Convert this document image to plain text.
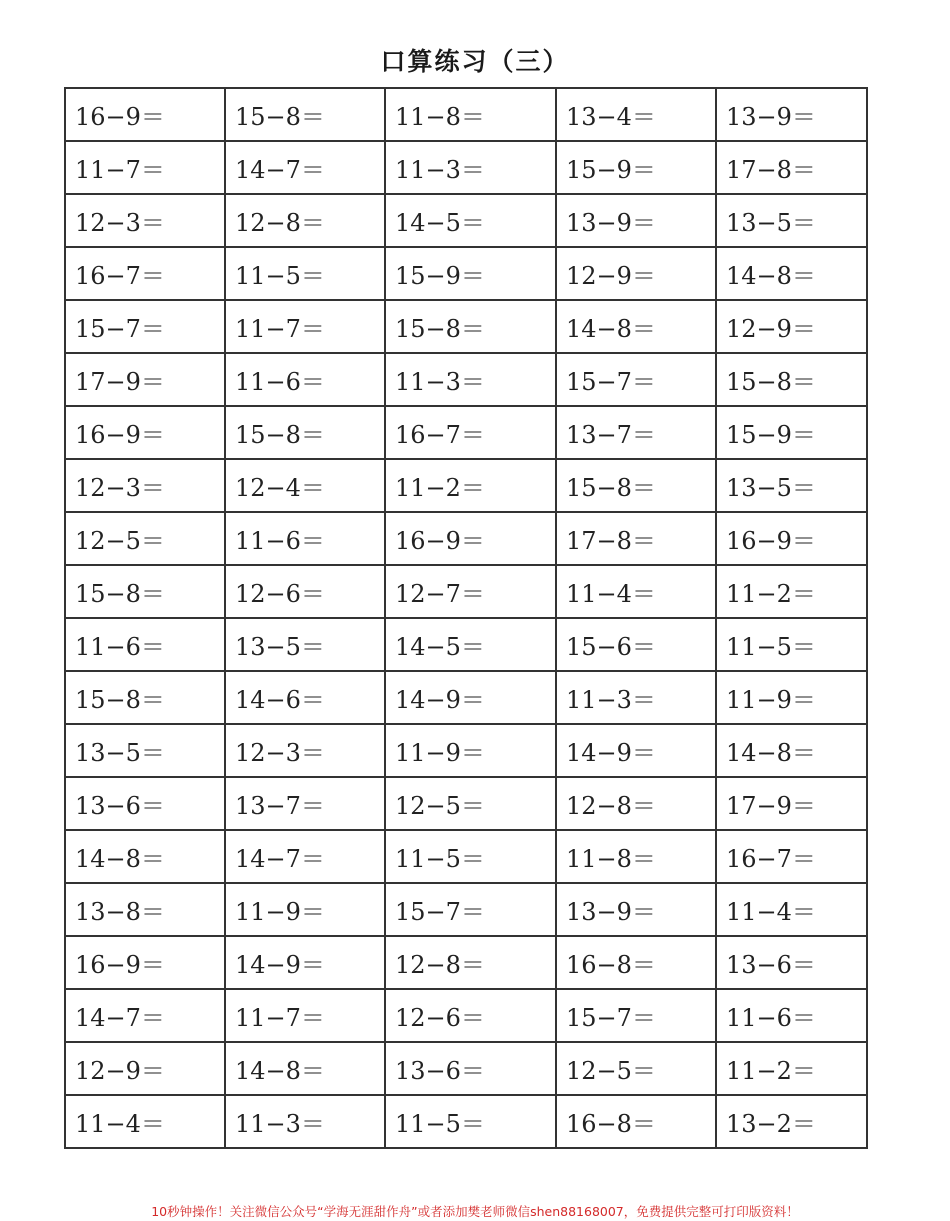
口算练习（三）
16−9＝	15−8＝	11−8＝	13−4＝	13−9＝
11−7＝	14−7＝	11−3＝	15−9＝	17−8＝
12−3＝	12−8＝	14−5＝	13−9＝	13−5＝
16−7＝	11−5＝	15−9＝	12−9＝	14−8＝
15−7＝	11−7＝	15−8＝	14−8＝	12−9＝
17−9＝	11−6＝	11−3＝	15−7＝	15−8＝
16−9＝	15−8＝	16−7＝	13−7＝	15−9＝
12−3＝	12−4＝	11−2＝	15−8＝	13−5＝
12−5＝	11−6＝	16−9＝	17−8＝	16−9＝
15−8＝	12−6＝	12−7＝	11−4＝	11−2＝
11−6＝	13−5＝	14−5＝	15−6＝	11−5＝
15−8＝	14−6＝	14−9＝	11−3＝	11−9＝
13−5＝	12−3＝	11−9＝	14−9＝	14−8＝
13−6＝	13−7＝	12−5＝	12−8＝	17−9＝
14−8＝	14−7＝	11−5＝	11−8＝	16−7＝
13−8＝	11−9＝	15−7＝	13−9＝	11−4＝
16−9＝	14−9＝	12−8＝	16−8＝	13−6＝
14−7＝	11−7＝	12−6＝	15−7＝	11−6＝
12−9＝	14−8＝	13−6＝	12−5＝	11−2＝
11−4＝	11−3＝	11−5＝	16−8＝	13−2＝
10秒钟操作！关注微信公众号“学海无涯甜作舟”或者添加樊老师微信shen88168007，免费提供完整可打印版资料！
